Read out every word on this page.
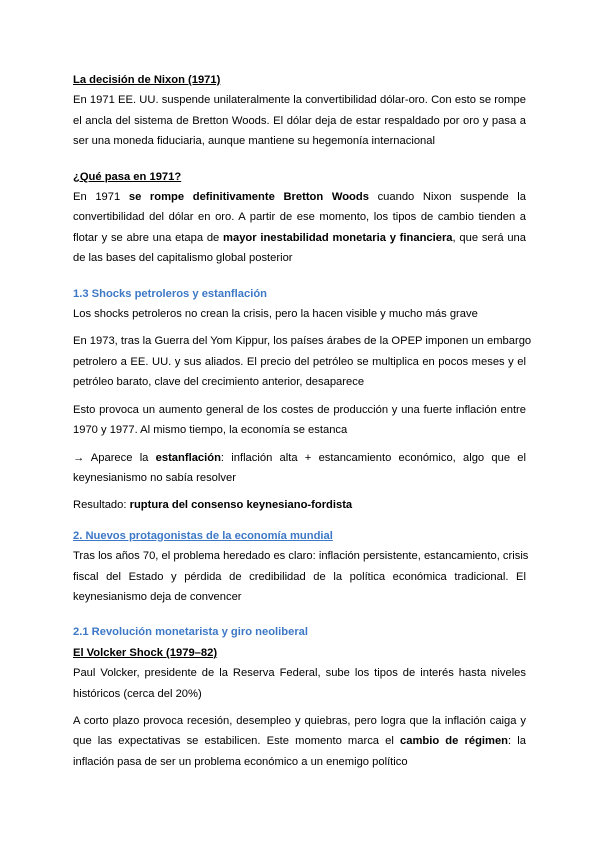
La decisión de Nixon (1971)
En 1971 EE. UU. suspende unilateralmente la convertibilidad dólar-oro. Con esto se rompe
el ancla del sistema de Bretton Woods. El dólar deja de estar respaldado por oro y pasa a
ser una moneda fiduciaria, aunque mantiene su hegemonía internacional
¿Qué pasa en 1971?
En 1971 se rompe definitivamente Bretton Woods cuando Nixon suspende la
convertibilidad del dólar en oro. A partir de ese momento, los tipos de cambio tienden a
flotar y se abre una etapa de mayor inestabilidad monetaria y financiera, que será una
de las bases del capitalismo global posterior
1.3 Shocks petroleros y estanflación
Los shocks petroleros no crean la crisis, pero la hacen visible y mucho más grave
En 1973, tras la Guerra del Yom Kippur, los países árabes de la OPEP imponen un embargo
petrolero a EE. UU. y sus aliados. El precio del petróleo se multiplica en pocos meses y el
petróleo barato, clave del crecimiento anterior, desaparece
Esto provoca un aumento general de los costes de producción y una fuerte inflación entre
1970 y 1977. Al mismo tiempo, la economía se estanca
→ Aparece la estanflación: inflación alta + estancamiento económico, algo que el
keynesianismo no sabía resolver
Resultado: ruptura del consenso keynesiano-fordista
2. Nuevos protagonistas de la economía mundial
Tras los años 70, el problema heredado es claro: inflación persistente, estancamiento, crisis
fiscal del Estado y pérdida de credibilidad de la política económica tradicional. El
keynesianismo deja de convencer
2.1 Revolución monetarista y giro neoliberal
El Volcker Shock (1979–82)
Paul Volcker, presidente de la Reserva Federal, sube los tipos de interés hasta niveles
históricos (cerca del 20%)
A corto plazo provoca recesión, desempleo y quiebras, pero logra que la inflación caiga y
que las expectativas se estabilicen. Este momento marca el cambio de régimen: la
inflación pasa de ser un problema económico a un enemigo político
